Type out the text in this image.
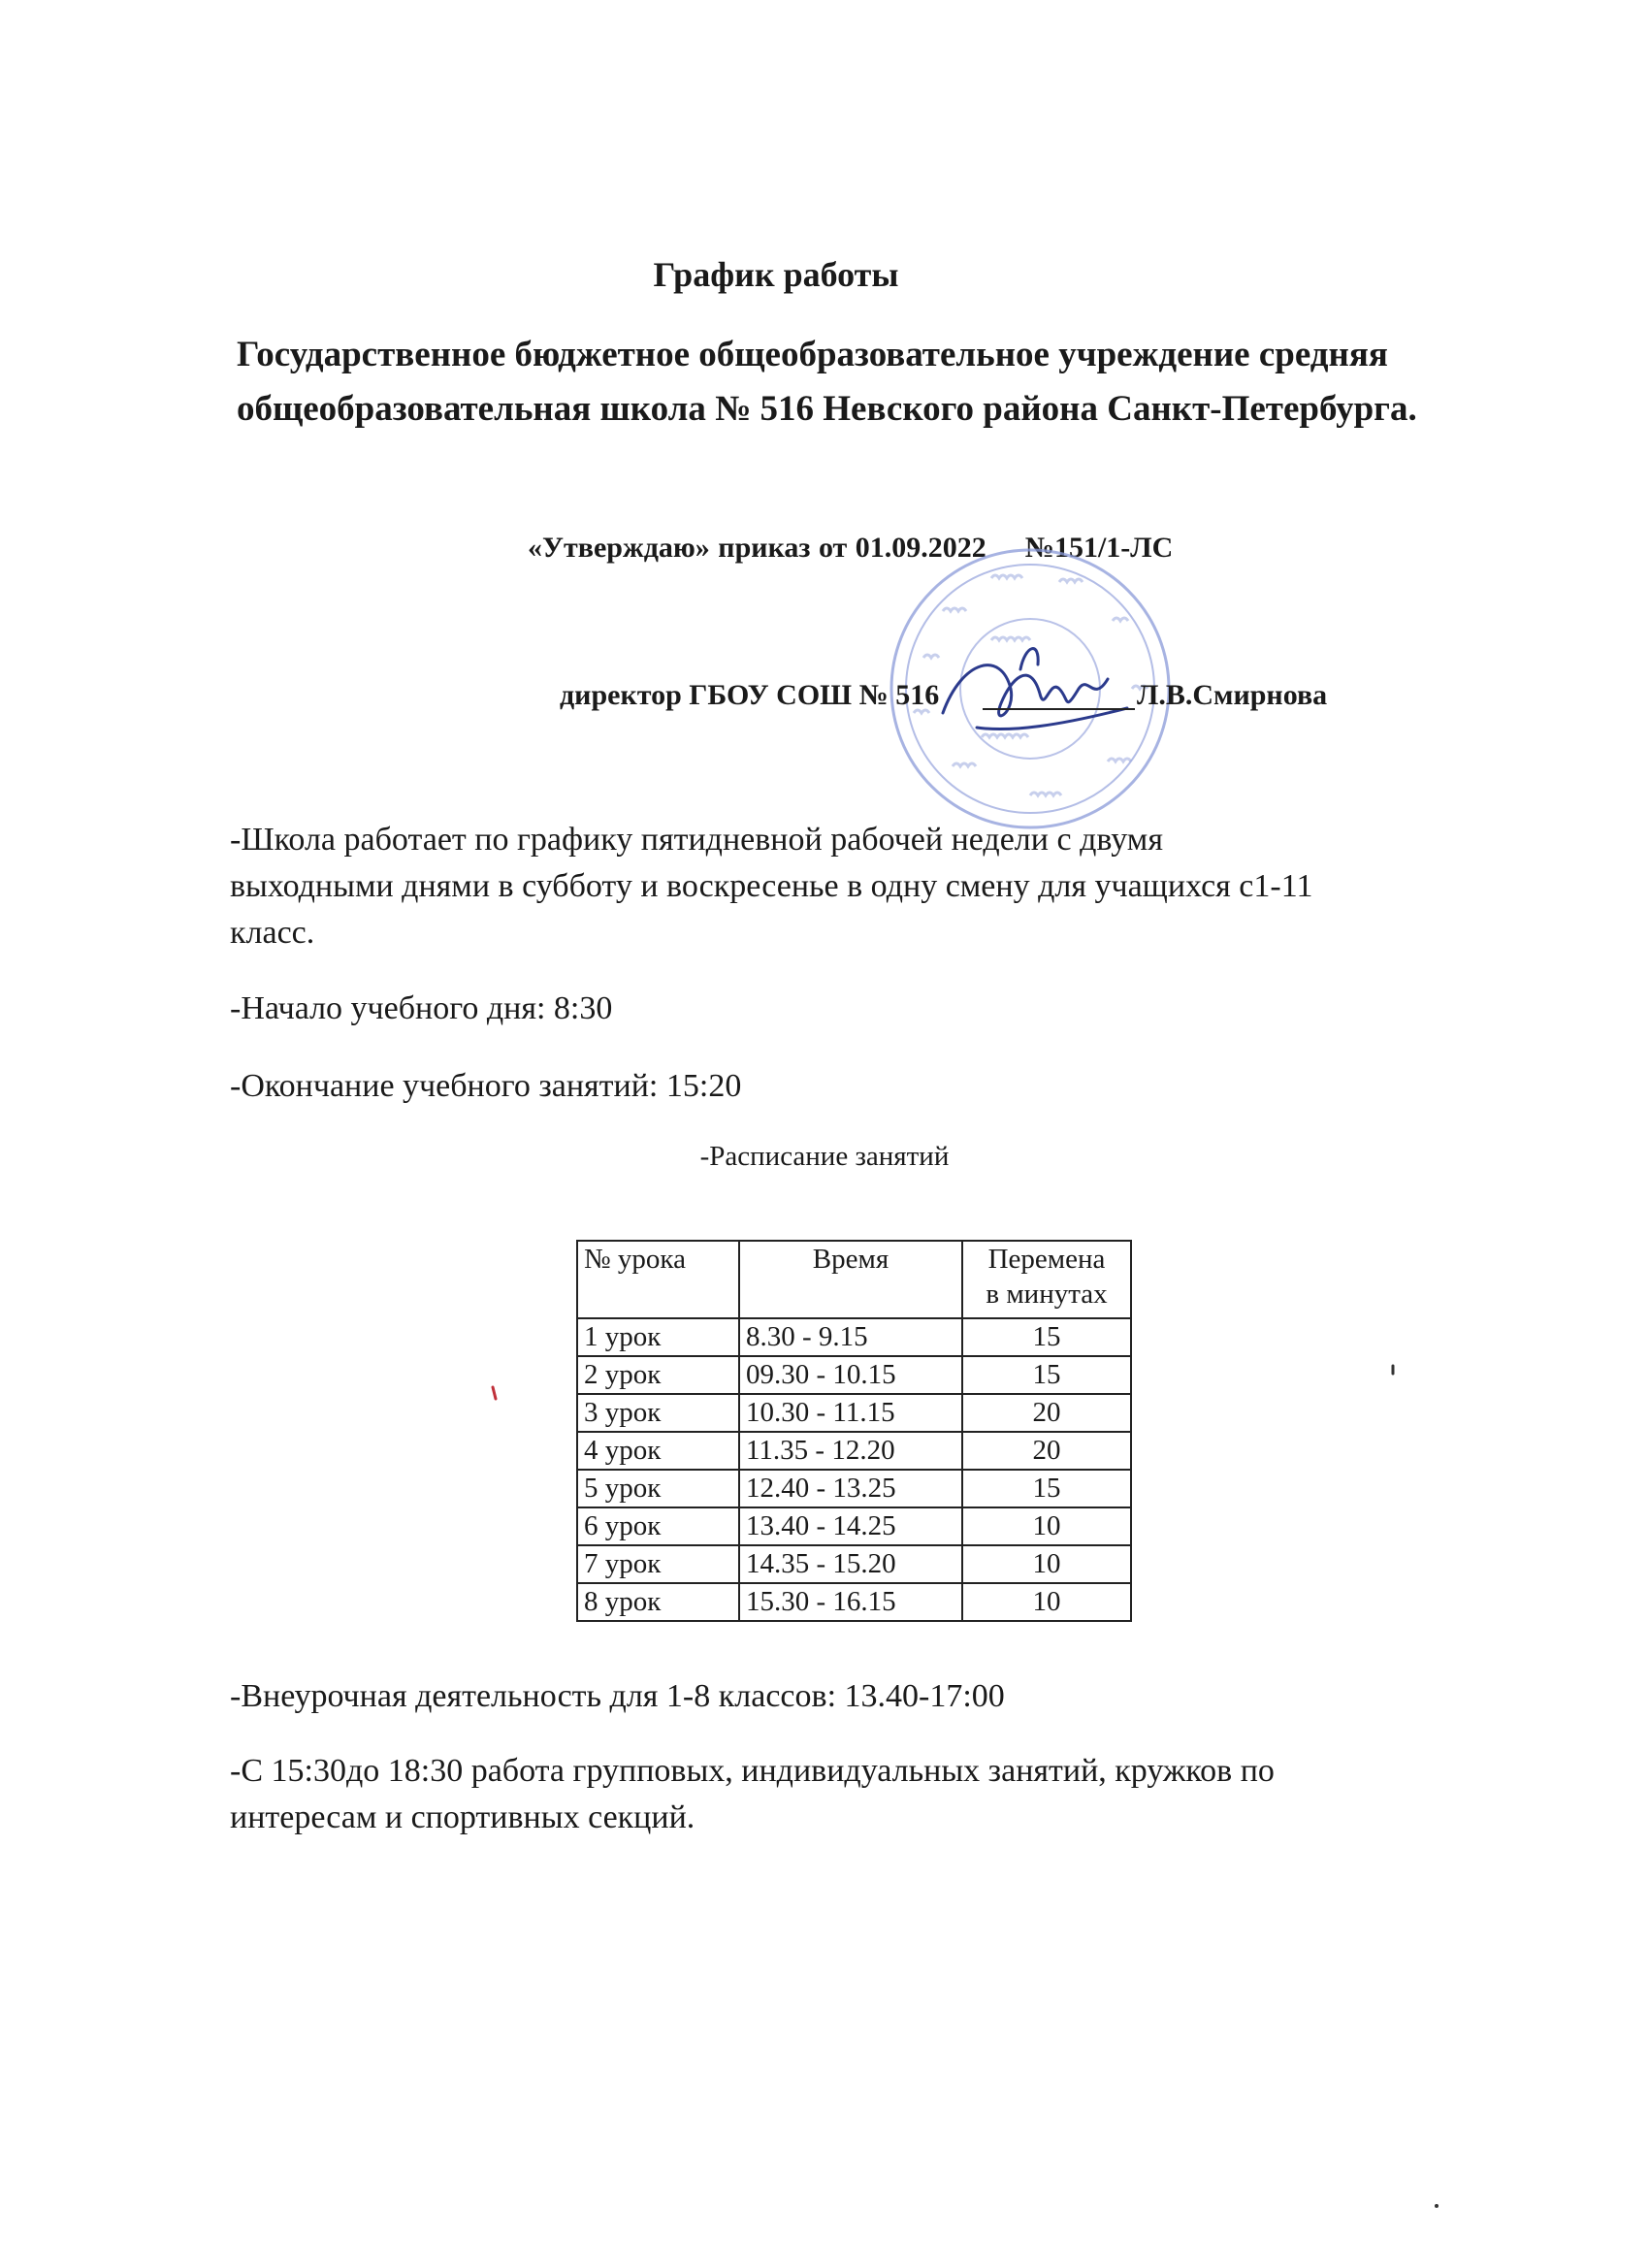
График работы
Государственное бюджетное общеобразовательное учреждение средняя
общеобразовательная школа № 516 Невского района Санкт-Петербурга.
«Утверждаю» приказ от 01.09.2022 №151/1-ЛС
директор ГБОУ СОШ № 516	Л.В.Смирнова
-Школа работает по графику пятидневной рабочей недели с двумя
выходными днями в субботу и воскресенье в одну смену для учащихся с1-11
класс.
-Начало учебного дня: 8:30
-Окончание учебного занятий: 15:20
-Расписание занятий
№ урока	Время	Перемена
в минутах

1 урок	8.30 - 9.15	15
2 урок	09.30 - 10.15	15
3 урок	10.30 - 11.15	20
4 урок	11.35 - 12.20	20
5 урок	12.40 - 13.25	15
6 урок	13.40 - 14.25	10
7 урок	14.35 - 15.20	10
8 урок	15.30 - 16.15	10
-Внеурочная деятельность для 1-8 классов: 13.40-17:00
-С 15:30до 18:30 работа групповых, индивидуальных занятий, кружков по
интересам и спортивных секций.
